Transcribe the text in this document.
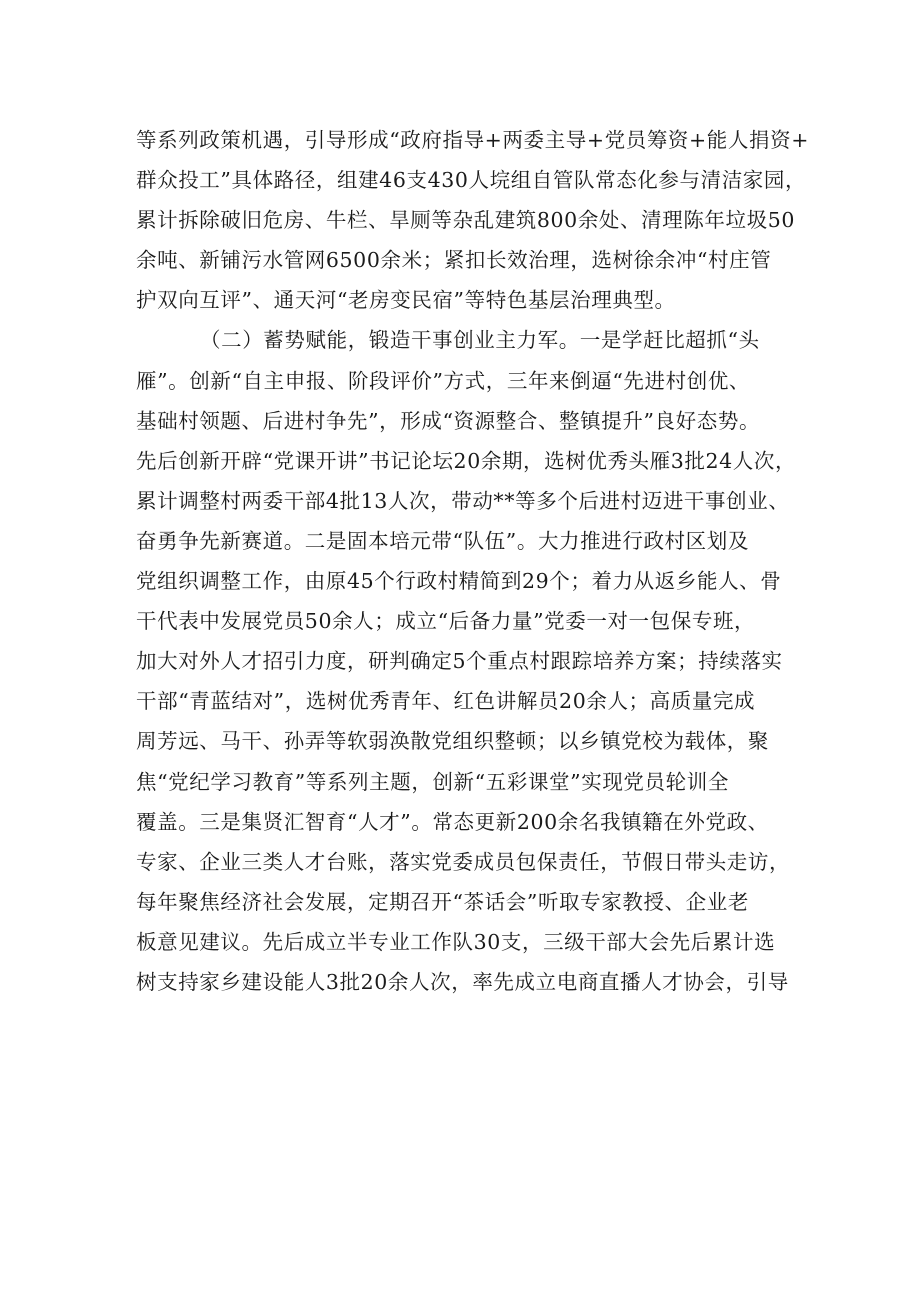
等系列政策机遇，引导形成“政府指导+两委主导+党员筹资+能人捐资+
群众投工”具体路径，组建46支430人垸组自管队常态化参与清洁家园，
累计拆除破旧危房、牛栏、旱厕等杂乱建筑800余处、清理陈年垃圾50
余吨、新铺污水管网6500余米；紧扣长效治理，选树徐余冲“村庄管
护双向互评”、通天河“老房变民宿”等特色基层治理典型。
（二）蓄势赋能，锻造干事创业主力军。一是学赶比超抓“头
雁”。创新“自主申报、阶段评价”方式，三年来倒逼“先进村创优、
基础村领题、后进村争先”，形成“资源整合、整镇提升”良好态势。
先后创新开辟“党课开讲”书记论坛20余期，选树优秀头雁3批24人次，
累计调整村两委干部4批13人次，带动**等多个后进村迈进干事创业、
奋勇争先新赛道。二是固本培元带“队伍”。大力推进行政村区划及
党组织调整工作，由原45个行政村精简到29个；着力从返乡能人、骨
干代表中发展党员50余人；成立“后备力量”党委一对一包保专班，
加大对外人才招引力度，研判确定5个重点村跟踪培养方案；持续落实
干部“青蓝结对”，选树优秀青年、红色讲解员20余人；高质量完成
周芳远、马干、孙弄等软弱涣散党组织整顿；以乡镇党校为载体，聚
焦“党纪学习教育”等系列主题，创新“五彩课堂”实现党员轮训全
覆盖。三是集贤汇智育“人才”。常态更新200余名我镇籍在外党政、
专家、企业三类人才台账，落实党委成员包保责任，节假日带头走访，
每年聚焦经济社会发展，定期召开“茶话会”听取专家教授、企业老
板意见建议。先后成立半专业工作队30支，三级干部大会先后累计选
树支持家乡建设能人3批20余人次，率先成立电商直播人才协会，引导
